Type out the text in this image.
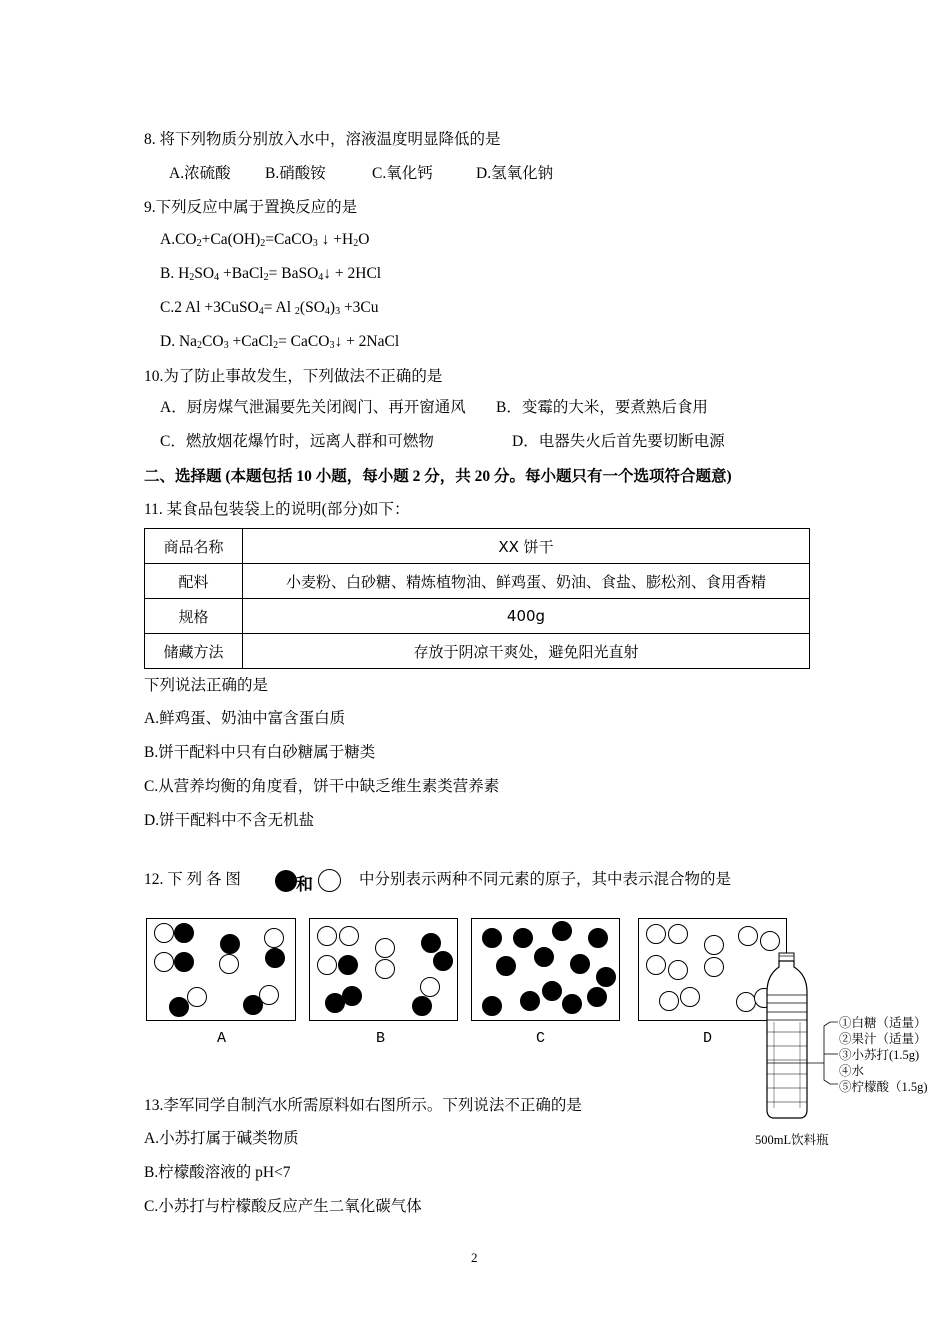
8. 将下列物质分别放入水中，溶液温度明显降低的是
A.浓硫酸 B.硝酸铵	C.氧化钙	D.氢氧化钠
9.下列反应中属于置换反应的是
$A.CO_2+Ca(OH)_2=CaCO_3$ ↓ $+H_2O$
B. $H_2SO_4$ +BaCl$_2$= BaSO$_4$↓ + 2HCl
C.2 Al +3CuSO$_4$= Al $_2(SO_4)_3 +3Cu$
D. $Na_2CO_3$ +CaCl$_2$= CaCO$_3$↓ + 2NaCl
10.为了防止事故发生，下列做法不正确的是
A．厨房煤气泄漏要先关闭阀门、再开窗通风 B．变霉的大米，要煮熟后食用
C．燃放烟花爆竹时，远离人群和可燃物	D．电器失火后首先要切断电源
二、选择题 (本题包括 10 小题，每小题 2 分，共 20 分。每小题只有一个选项符合题意)
11. 某食品包装袋上的说明(部分)如下：
商品名称	XX 饼干
配料	小麦粉、白砂糖、精炼植物油、鲜鸡蛋、奶油、食盐、膨松剂、食用香精
规格	400g
储藏方法	存放于阴凉干爽处，避免阳光直射
下列说法正确的是
A.鲜鸡蛋、奶油中富含蛋白质
B.饼干配料中只有白砂糖属于糖类
C.从营养均衡的角度看，饼干中缺乏维生素类营养素
D.饼干配料中不含无机盐
12. 下 列 各 图	和	中分别表示两种不同元素的原子，其中表示混合物的是
A	B	C	D
①白糖（适量）
②果汁（适量）
③小苏打(1.5g)
④水
⑤柠檬酸（1.5g)
500mL饮料瓶
13.李军同学自制汽水所需原料如右图所示。下列说法不正确的是
A.小苏打属于碱类物质
B.柠檬酸溶液的 pH<7
C.小苏打与柠檬酸反应产生二氧化碳气体
2
